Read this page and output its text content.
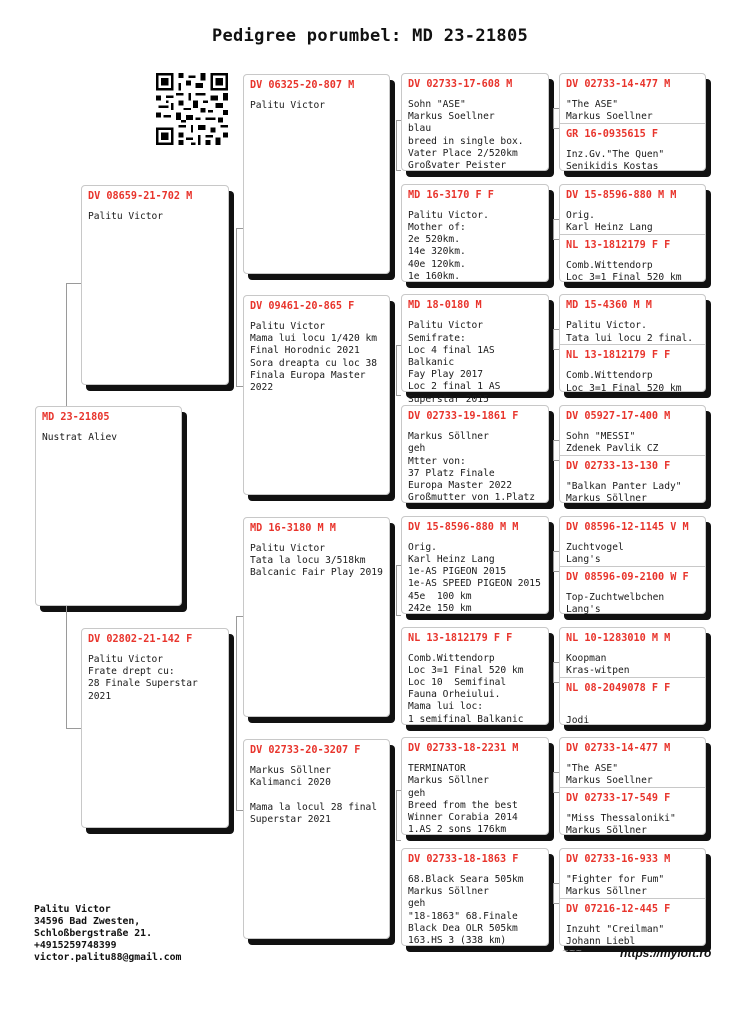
Pedigree porumbel: MD 23-21805
MD 23-21805
Nustrat Aliev
DV 08659-21-702 M
Palitu Victor
DV 02802-21-142 F
Palitu Victor
Frate drept cu:
28 Finale Superstar 2021
DV 06325-20-807 M
Palitu Victor
DV 09461-20-865 F
Palitu Victor
Mama lui locu 1/420 km
Final Horodnic 2021
Sora dreapta cu loc 38
Finala Europa Master
2022
MD 16-3180 M M
Palitu Victor
Tata la locu 3/518km
Balcanic Fair Play 2019
DV 02733-20-3207 F
Markus Söllner
Kalimanci 2020

Mama la locul 28 final
Superstar 2021
DV 02733-17-608 M
Sohn "ASE"
Markus Soellner
blau
breed in single box.
Vater Place 2/520km
Großvater Peister
MD 16-3170 F F
Palitu Victor.
Mother of:
2e 520km.
14e 320km.
40e 120km.
1e 160km.
MD 18-0180 M
Palitu Victor
Semifrate:
Loc 4 final 1AS Balkanic
Fay Play 2017
Loc 2 final 1 AS
Superstar 2015
DV 02733-19-1861 F
Markus Söllner
geh
Mtter von:
37 Platz Finale
Europa Master 2022
Großmutter von 1.Platz
DV 15-8596-880 M M
Orig.
Karl Heinz Lang
1e-AS PIGEON 2015
1e-AS SPEED PIGEON 2015
45e  100 km
242e 150 km
NL 13-1812179 F F
Comb.Wittendorp
Loc 3=1 Final 520 km
Loc 10  Semifinal
Fauna Orheiului.
Mama lui loc:
1 semifinal Balkanic
DV 02733-18-2231 M
TERMINATOR
Markus Söllner
geh
Breed from the best
Winner Corabia 2014
1.AS 2 sons 176km
DV 02733-18-1863 F
68.Black Seara 505km
Markus Söllner
geh
"18-1863" 68.Finale
Black Dea OLR 505km
163.HS 3 (338 km)
DV 02733-14-477 M
"The ASE"
Markus Soellner
GR 16-0935615 F
Inz.Gv."The Quen"
Senikidis Kostas
DV 15-8596-880 M M
Orig.
Karl Heinz Lang
NL 13-1812179 F F
Comb.Wittendorp
Loc 3=1 Final 520 km
MD 15-4360 M M
Palitu Victor.
Tata lui locu 2 final.
NL 13-1812179 F F
Comb.Wittendorp
Loc 3=1 Final 520 km
DV 05927-17-400 M
Sohn "MESSI"
Zdenek Pavlik CZ
DV 02733-13-130 F
"Balkan Panter Lady"
Markus Söllner
DV 08596-12-1145 V M
Zuchtvogel
Lang's
DV 08596-09-2100 W F
Top-Zuchtwelbchen
Lang's
NL 10-1283010 M M
Koopman
Kras-witpen
NL 08-2049078 F F

Jodi
DV 02733-14-477 M
"The ASE"
Markus Soellner
DV 02733-17-549 F
"Miss Thessaloniki"
Markus Söllner
DV 02733-16-933 M
"Fighter for Fum"
Markus Söllner
DV 07216-12-445 F
Inzuht "Creilman"
Johann Liebl
Palitu Victor
34596 Bad Zwesten,
Schloßbergstraße 21.
+4915259748399
victor.palitu88@gmail.com
~~~	https://myloft.ro
